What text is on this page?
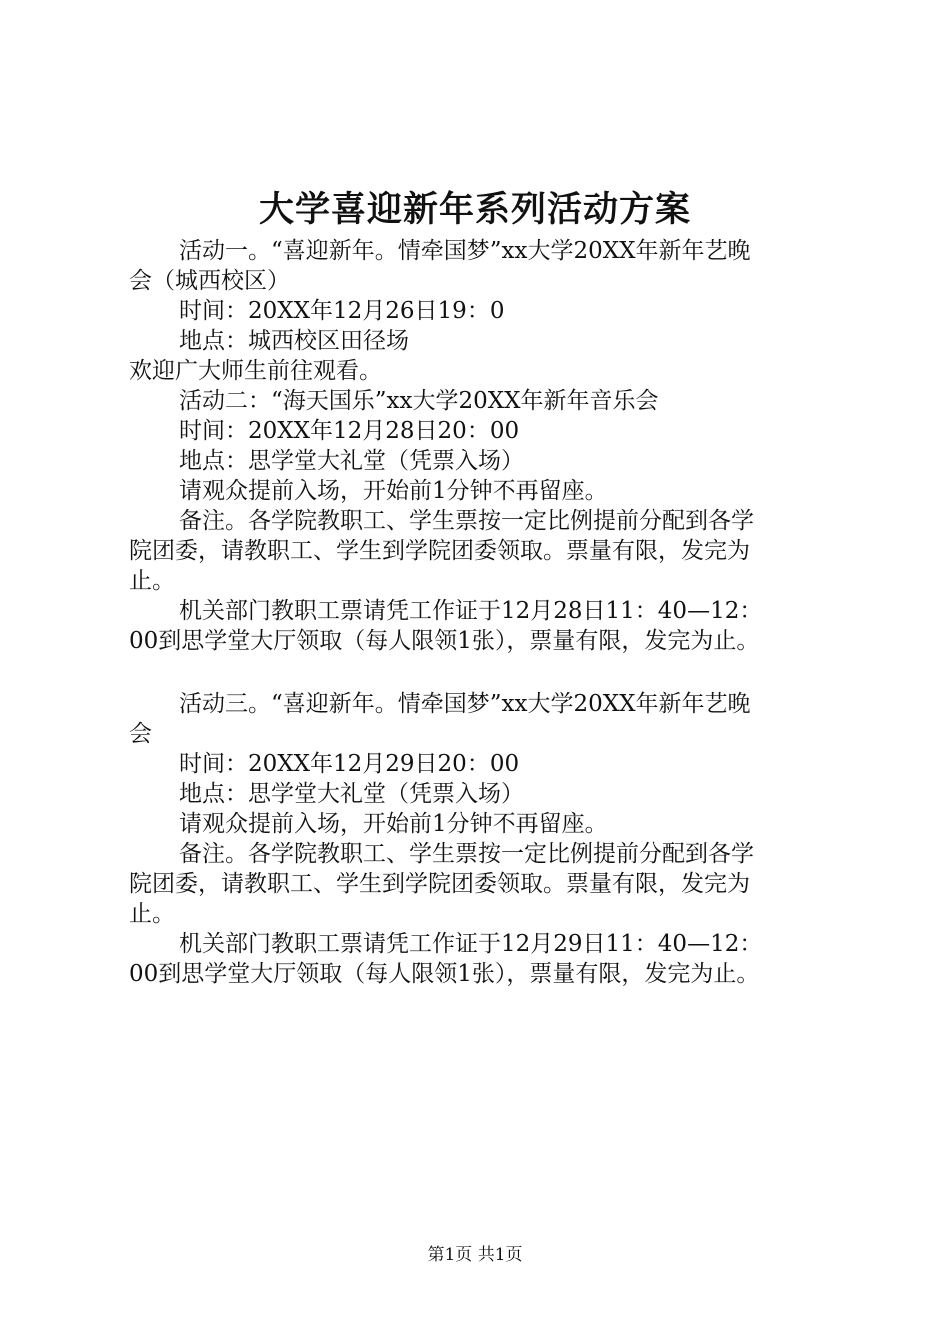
大学喜迎新年系列活动方案
活动一。“喜迎新年。情牵国梦”xx大学20XX年新年艺晚
会（城西校区）
时间：20XX年12月26日19：0
地点：城西校区田径场
欢迎广大师生前往观看。
活动二：“海天国乐”xx大学20XX年新年音乐会
时间：20XX年12月28日20：00
地点：思学堂大礼堂（凭票入场）
请观众提前入场，开始前1分钟不再留座。
备注。各学院教职工、学生票按一定比例提前分配到各学
院团委，请教职工、学生到学院团委领取。票量有限，发完为
止。
机关部门教职工票请凭工作证于12月28日11：40—12：
00到思学堂大厅领取（每人限领1张），票量有限，发完为止。
活动三。“喜迎新年。情牵国梦”xx大学20XX年新年艺晚
会
时间：20XX年12月29日20：00
地点：思学堂大礼堂（凭票入场）
请观众提前入场，开始前1分钟不再留座。
备注。各学院教职工、学生票按一定比例提前分配到各学
院团委，请教职工、学生到学院团委领取。票量有限，发完为
止。
机关部门教职工票请凭工作证于12月29日11：40—12：
00到思学堂大厅领取（每人限领1张），票量有限，发完为止。
第1页 共1页
